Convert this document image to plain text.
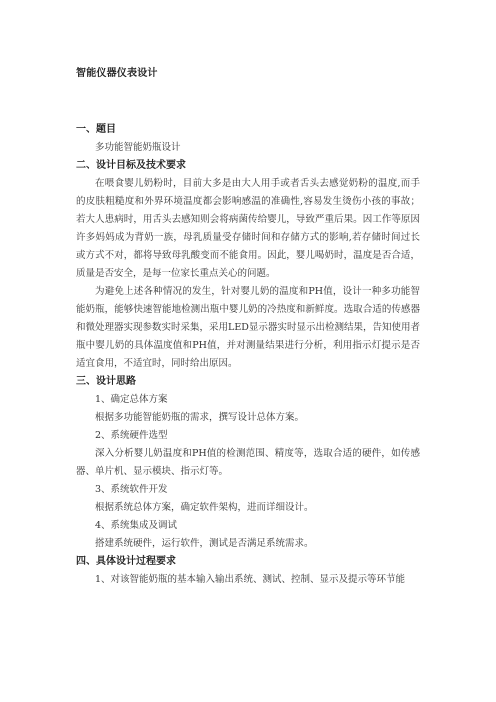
智能仪器仪表设计
一、题目

多功能智能奶瓶设计

二、设计目标及技术要求

在喂食婴儿奶粉时，目前大多是由大人用手或者舌头去感觉奶粉的温度,而手的皮肤粗糙度和外界环境温度都会影响感温的准确性,容易发生烫伤小孩的事故；若大人患病时，用舌头去感知则会将病菌传给婴儿，导致严重后果。因工作等原因许多妈妈成为背奶一族，母乳质量受存储时间和存储方式的影响,若存储时间过长或方式不对，都将导致母乳酸变而不能食用。因此，婴儿喝奶时，温度是否合适，质量是否安全，是每一位家长重点关心的问题。

为避免上述各种情况的发生，针对婴儿奶的温度和PH值，设计一种多功能智能奶瓶，能够快速智能地检测出瓶中婴儿奶的冷热度和新鲜度。选取合适的传感器和微处理器实现参数实时采集，采用LED显示器实时显示出检测结果，告知使用者瓶中婴儿奶的具体温度值和PH值，并对测量结果进行分析，利用指示灯提示是否适宜食用，不适宜时，同时给出原因。

三、设计思路

1、确定总体方案

根据多功能智能奶瓶的需求，撰写设计总体方案。

2、系统硬件选型

深入分析婴儿奶温度和PH值的检测范围、精度等，选取合适的硬件，如传感器、单片机、显示模块、指示灯等。

3、系统软件开发

根据系统总体方案，确定软件架构，进而详细设计。

4、系统集成及调试

搭建系统硬件，运行软件，测试是否满足系统需求。

四、具体设计过程要求

1、对该智能奶瓶的基本输入输出系统、测试、控制、显示及提示等环节能
